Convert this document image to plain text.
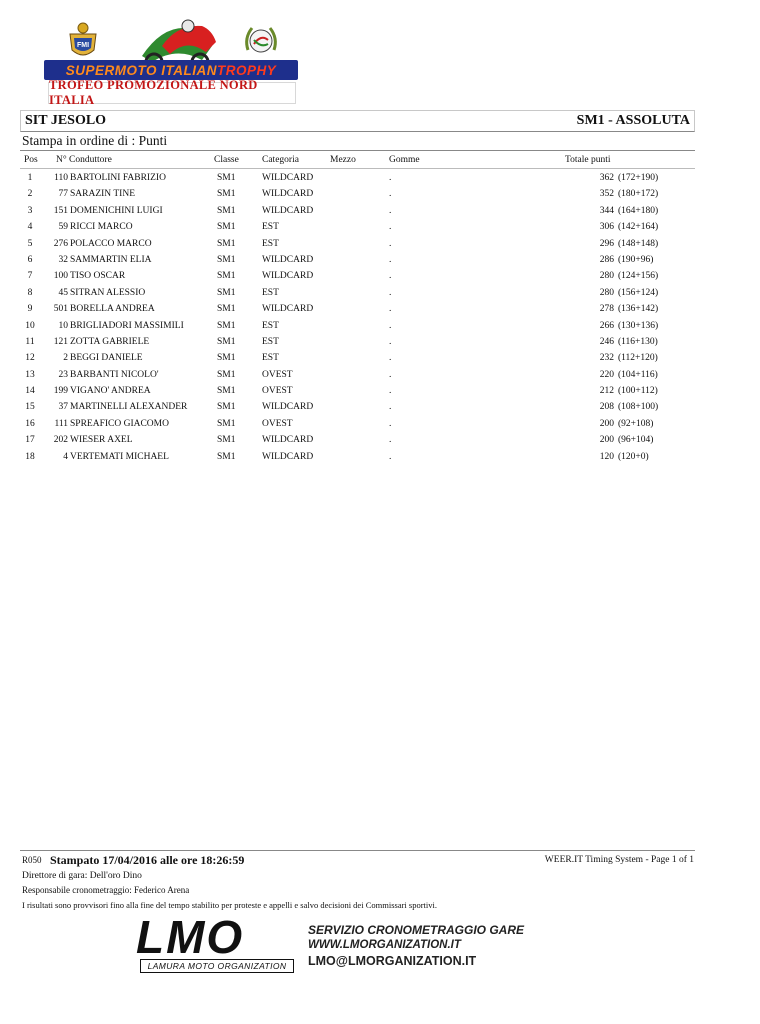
FMI
SUPERMOTO ITALIAN TROPHY
TROFEO PROMOZIONALE NORD ITALIA
SIT JESOLO	SM1 - ASSOLUTA
Stampa in ordine di : Punti
Pos N° Conduttore	Classe Categoria	Mezzo	Gomme	Totale punti
1	110 BARTOLINI FABRIZIO	SM1	WILDCARD	.	362 (172+190)
2	77 SARAZIN TINE	SM1	WILDCARD	.	352 (180+172)
3	151 DOMENICHINI LUIGI	SM1	WILDCARD	.	344 (164+180)
4	59 RICCI MARCO	SM1	EST	.	306 (142+164)
5	276 POLACCO MARCO	SM1	EST	.	296 (148+148)
6	32 SAMMARTIN ELIA	SM1	WILDCARD	.	286 (190+96)
7	100 TISO OSCAR	SM1	WILDCARD	.	280 (124+156)
8	45 SITRAN ALESSIO	SM1	EST	.	280 (156+124)
9	501 BORELLA ANDREA	SM1	WILDCARD	.	278 (136+142)
10	10 BRIGLIADORI MASSIMILI	SM1	EST	.	266 (130+136)
11	121 ZOTTA GABRIELE	SM1	EST	.	246 (116+130)
12	2 BEGGI DANIELE	SM1	EST	.	232 (112+120)
13	23 BARBANTI NICOLO'	SM1	OVEST	.	220 (104+116)
14	199 VIGANO' ANDREA	SM1	OVEST	.	212 (100+112)
15	37 MARTINELLI ALEXANDER	SM1	WILDCARD	.	208 (108+100)
16	111 SPREAFICO GIACOMO	SM1	OVEST	.	200 (92+108)
17	202 WIESER AXEL	SM1	WILDCARD	.	200 (96+104)
18	4 VERTEMATI MICHAEL	SM1	WILDCARD	.	120 (120+0)
R050 Stampato 17/04/2016 alle ore 18:26:59	WEER.IT Timing System - Page 1 of 1
Direttore di gara: Dell'oro Dino
Responsabile cronometraggio: Federico Arena
I risultati sono provvisori fino alla fine del tempo stabilito per proteste e appelli e salvo decisioni dei Commissari sportivi.
LMO
LAMURA MOTO ORGANIZATION
SERVIZIO CRONOMETRAGGIO GARE
WWW.LMORGANIZATION.IT
LMO@LMORGANIZATION.IT
